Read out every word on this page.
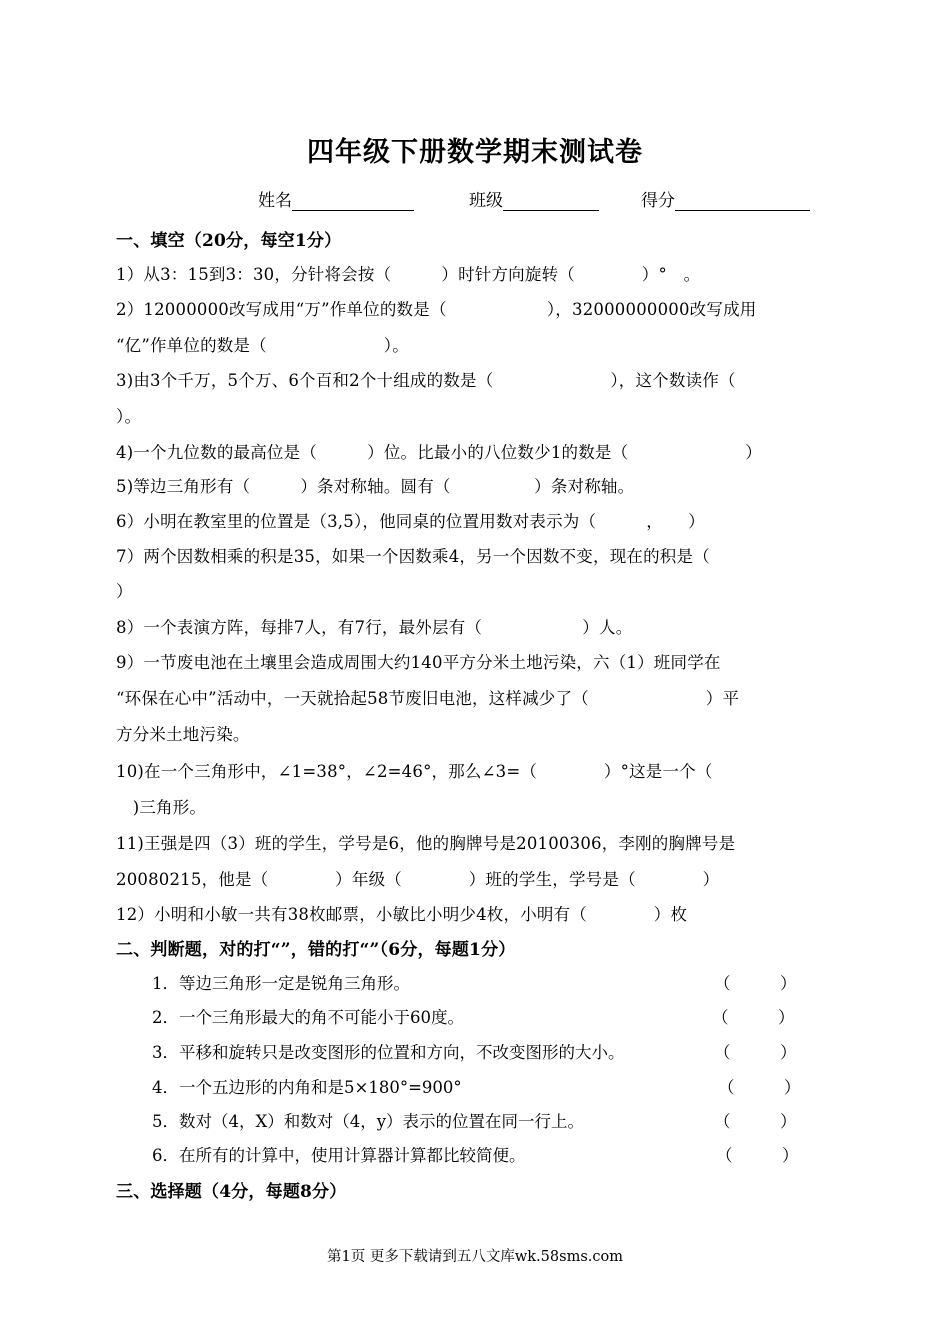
四年级下册数学期末测试卷
姓名	班级	得分
一、填空（20分，每空1分）
1）从3：15到3：30，分针将会按（　　　）时针方向旋转（　　　　）°　。
2）12000000改写成用“万”作单位的数是（　　　　　　），32000000000改写成用
“亿”作单位的数是（　　　　　　　）。
3)由3个千万，5个万、6个百和2个十组成的数是（　　　　　　　），这个数读作（
）。
4)一个九位数的最高位是（　　　）位。比最小的八位数少1的数是（　　　　　　　）
5)等边三角形有（　　　）条对称轴。圆有（　　　　　）条对称轴。
6）小明在教室里的位置是（3,5），他同桌的位置用数对表示为（　　　，　　）
7）两个因数相乘的积是35，如果一个因数乘4，另一个因数不变，现在的积是（
）
8）一个表演方阵，每排7人，有7行，最外层有（　　　　　　）人。
9）一节废电池在土壤里会造成周围大约140平方分米土地污染，六（1）班同学在
“环保在心中”活动中，一天就拾起58节废旧电池，这样减少了（　　　　　　　）平
方分米土地污染。
10)在一个三角形中，∠1=38°，∠2=46°，那么∠3=（　　　　）°这是一个（
　)三角形。
11)王强是四（3）班的学生，学号是6，他的胸牌号是20100306，李刚的胸牌号是
20080215，他是（　　　　）年级（　　　　）班的学生，学号是（　　　　）
12）小明和小敏一共有38枚邮票，小敏比小明少4枚，小明有（　　　　）枚
二、判断题，对的打“”，错的打“”（6分，每题1分）
1．等边三角形一定是锐角三角形。	（　　　）
2．一个三角形最大的角不可能小于60度。	（　　　）
3．平移和旋转只是改变图形的位置和方向，不改变图形的大小。	（　　　）
4．一个五边形的内角和是5×180°=900°	（　　　）
5．数对（4，X）和数对（4，y）表示的位置在同一行上。	（　　　）
6．在所有的计算中，使用计算器计算都比较简便。	（　　　）
三、选择题（4分，每题8分）
第1页 更多下载请到五八文库wk.58sms.com
